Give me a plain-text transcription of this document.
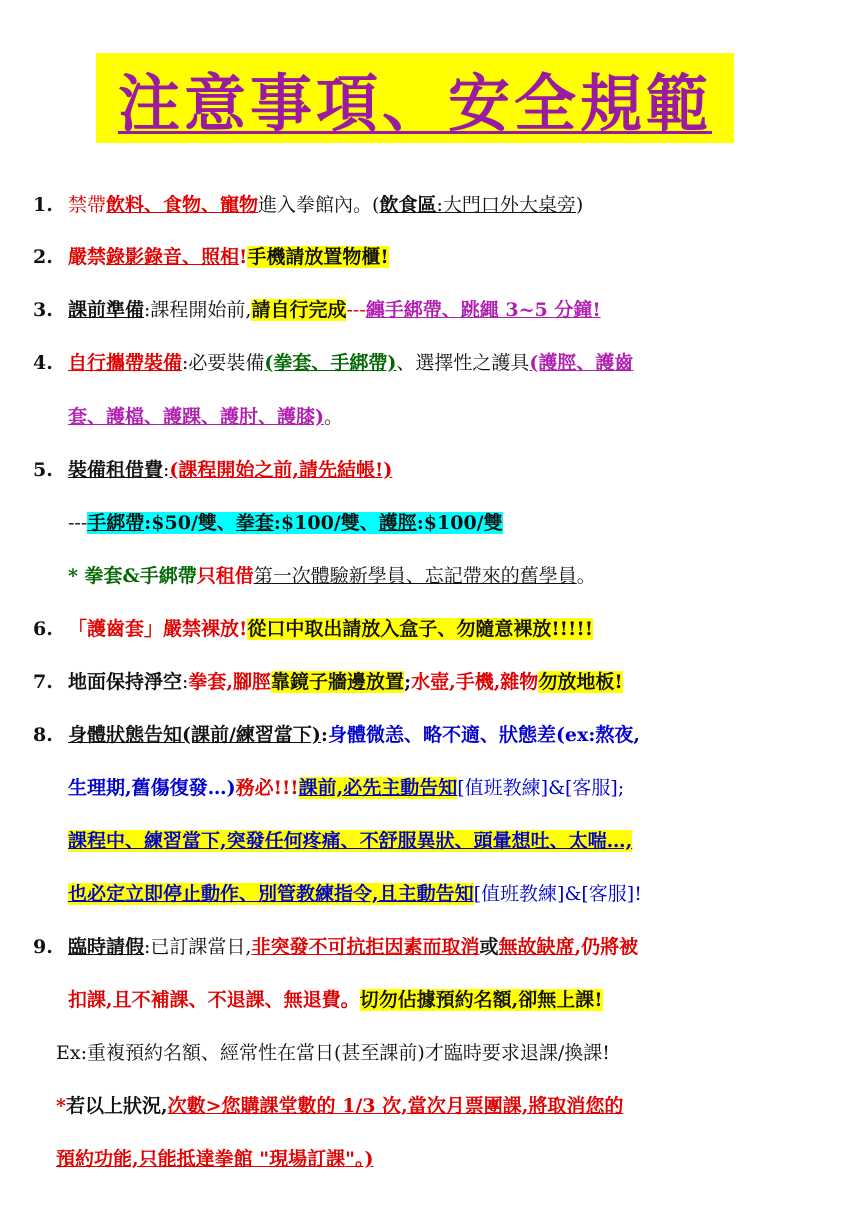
注意事項、安全規範
1. 禁帶飲料、食物、寵物進入拳館內。(飲食區:大門口外大桌旁)
2. 嚴禁錄影錄音、照相!手機請放置物櫃!
3. 課前準備:課程開始前,請自行完成---纏手綁帶、跳繩 3~5 分鐘!
4. 自行攜帶裝備:必要裝備(拳套、手綁帶)、選擇性之護具(護脛、護齒
套、護檔、護踝、護肘、護膝)。
5. 裝備租借費:(課程開始之前,請先結帳!)
---手綁帶:$50/雙、拳套:$100/雙、護脛:$100/雙
* 拳套&手綁帶只租借第一次體驗新學員、忘記帶來的舊學員。
6. 「護齒套」嚴禁裸放!從口中取出請放入盒子、勿隨意裸放!!!!!
7. 地面保持淨空:拳套,腳脛靠鏡子牆邊放置;水壺,手機,雜物勿放地板!
8. 身體狀態告知(課前/練習當下):身體微恙、略不適、狀態差(ex:熬夜,
生理期,舊傷復發…)務必!!!課前,必先主動告知[值班教練]&[客服];
課程中、練習當下,突發任何疼痛、不舒服異狀、頭暈想吐、太喘…,
也必定立即停止動作、別管教練指令,且主動告知[值班教練]&[客服]!
9. 臨時請假:已訂課當日,非突發不可抗拒因素而取消或無故缺席,仍將被
扣課,且不補課、不退課、無退費。切勿佔據預約名額,卻無上課!
Ex:重複預約名額、經常性在當日(甚至課前)才臨時要求退課/換課!
*若以上狀況,次數>您購課堂數的 1/3 次,當次月票團課,將取消您的
預約功能,只能抵達拳館 "現場訂課"。)
